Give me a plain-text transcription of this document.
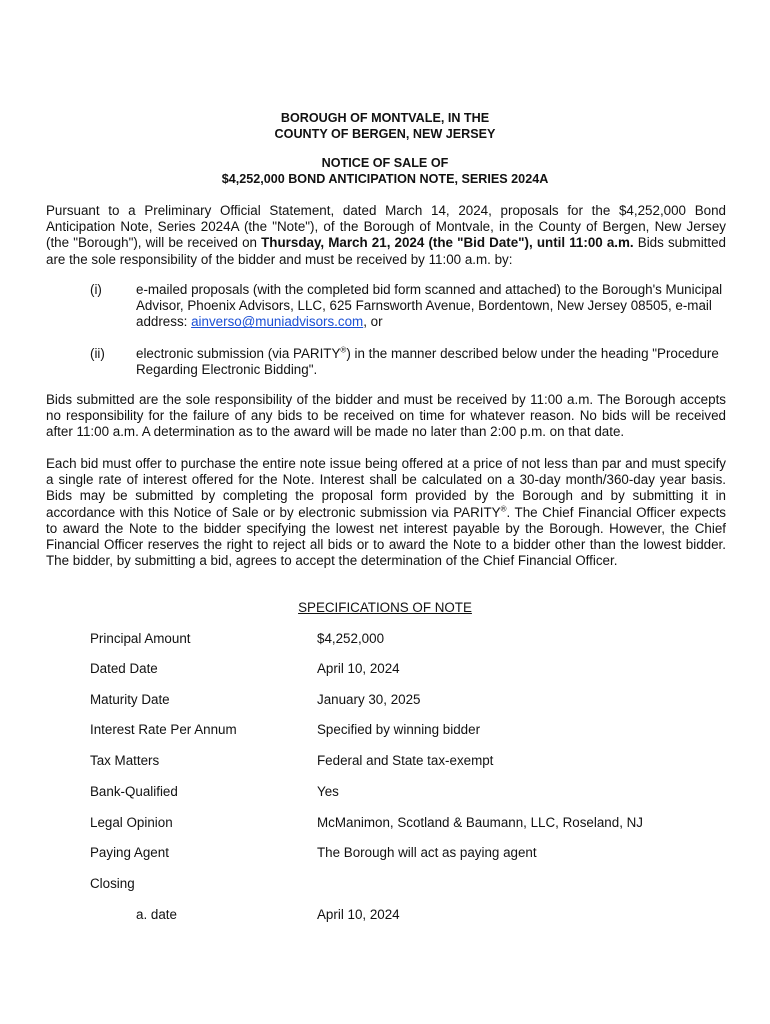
BOROUGH OF MONTVALE, IN THE
COUNTY OF BERGEN, NEW JERSEY
NOTICE OF SALE OF
$4,252,000 BOND ANTICIPATION NOTE, SERIES 2024A
Pursuant to a Preliminary Official Statement, dated March 14, 2024, proposals for the $4,252,000 Bond Anticipation Note, Series 2024A (the "Note"), of the Borough of Montvale, in the County of Bergen, New Jersey (the "Borough"), will be received on Thursday, March 21, 2024 (the "Bid Date"), until 11:00 a.m. Bids submitted are the sole responsibility of the bidder and must be received by 11:00 a.m. by:
(i)	e-mailed proposals (with the completed bid form scanned and attached) to the Borough's Municipal Advisor, Phoenix Advisors, LLC, 625 Farnsworth Avenue, Bordentown, New Jersey 08505, e-mail address: ainverso@muniadvisors.com, or
(ii) electronic submission (via PARITY®) in the manner described below under the heading "Procedure Regarding Electronic Bidding".
Bids submitted are the sole responsibility of the bidder and must be received by 11:00 a.m. The Borough accepts no responsibility for the failure of any bids to be received on time for whatever reason. No bids will be received after 11:00 a.m. A determination as to the award will be made no later than 2:00 p.m. on that date.
Each bid must offer to purchase the entire note issue being offered at a price of not less than par and must specify a single rate of interest offered for the Note. Interest shall be calculated on a 30-day month/360-day year basis. Bids may be submitted by completing the proposal form provided by the Borough and by submitting it in accordance with this Notice of Sale or by electronic submission via PARITY®. The Chief Financial Officer expects to award the Note to the bidder specifying the lowest net interest payable by the Borough. However, the Chief Financial Officer reserves the right to reject all bids or to award the Note to a bidder other than the lowest bidder. The bidder, by submitting a bid, agrees to accept the determination of the Chief Financial Officer.
SPECIFICATIONS OF NOTE
Principal Amount	$4,252,000
Dated Date	April 10, 2024
Maturity Date	January 30, 2025
Interest Rate Per Annum	Specified by winning bidder
Tax Matters	Federal and State tax-exempt
Bank-Qualified	Yes
Legal Opinion	McManimon, Scotland & Baumann, LLC, Roseland, NJ
Paying Agent	The Borough will act as paying agent
Closing
a. date	April 10, 2024
